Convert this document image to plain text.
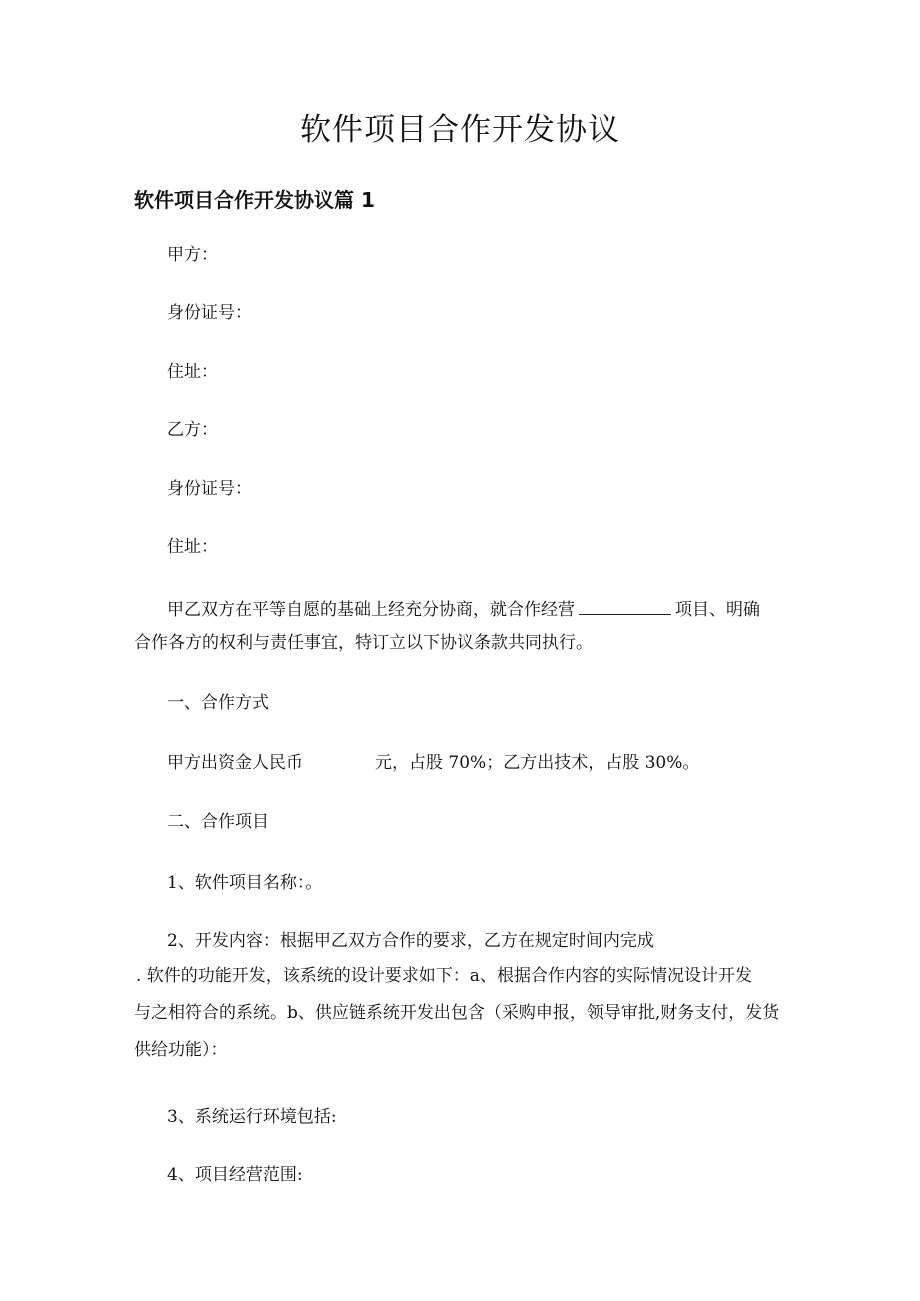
软件项目合作开发协议
软件项目合作开发协议篇 1
甲方：
身份证号：
住址：
乙方：
身份证号：
住址：
甲乙双方在平等自愿的基础上经充分协商，就合作经营	项目、明确
合作各方的权利与责任事宜，特订立以下协议条款共同执行。
一、合作方式
甲方出资金人民币	元，占股 70%；乙方出技术，占股 30%。
二、合作项目
1、软件项目名称：。
2、开发内容：根据甲乙双方合作的要求，乙方在规定时间内完成
. 软件的功能开发，该系统的设计要求如下：a、根据合作内容的实际情况设计开发
与之相符合的系统。b、供应链系统开发出包含（采购申报，领导审批,财务支付，发货
供给功能）：
3、系统运行环境包括:
4、项目经营范围:
